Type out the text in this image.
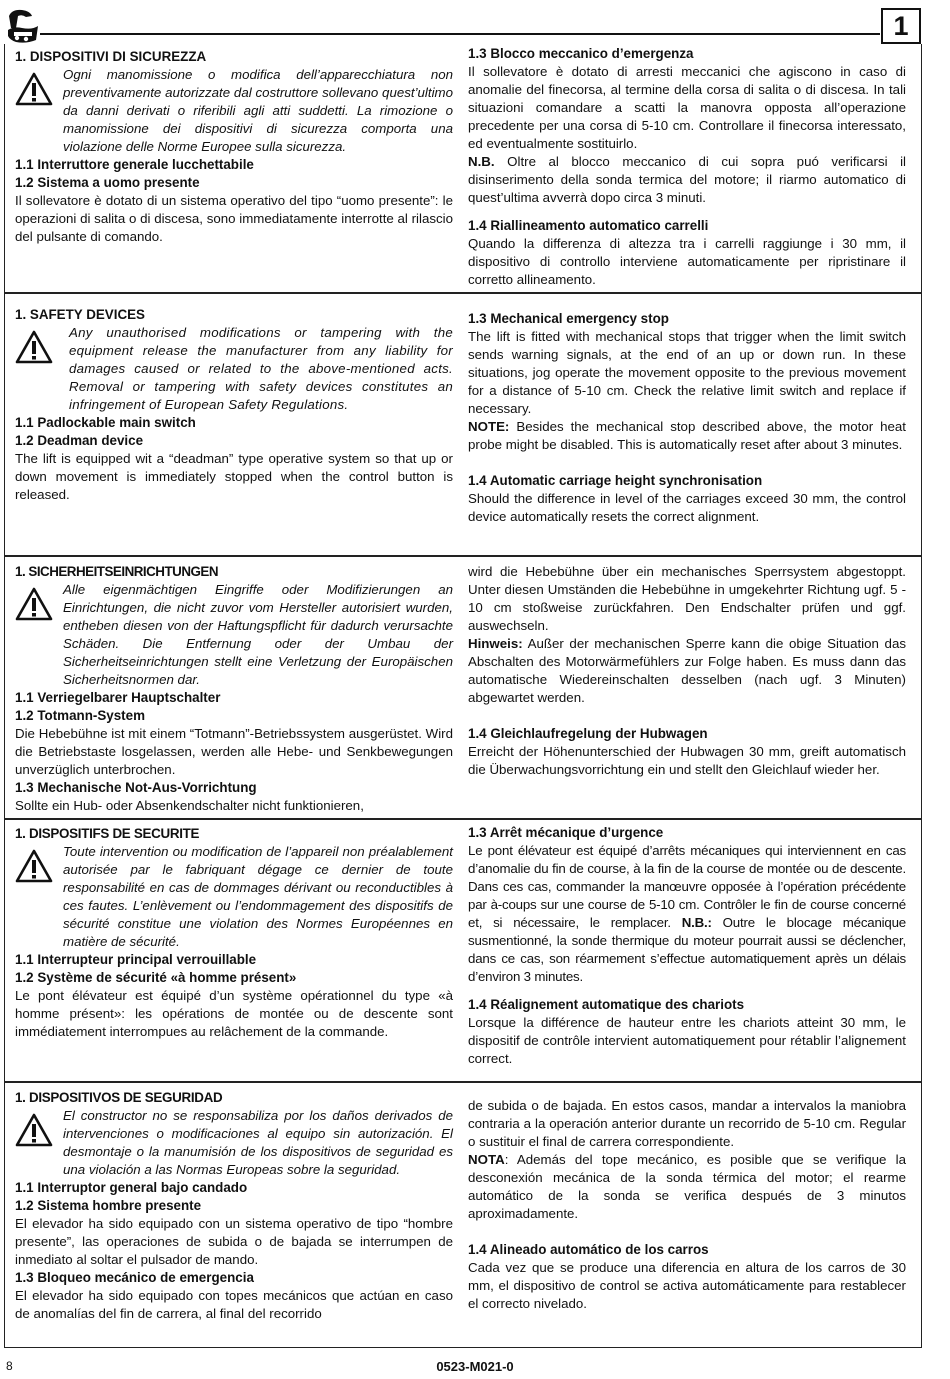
1
1. DISPOSITIVI DI SICUREZZA
Ogni manomissione o modifica dell’apparecchiatura non preventivamente autorizzate dal costruttore sollevano quest’ultimo da danni derivati o riferibili agli atti suddetti. La rimozione o manomissione dei dispositivi di sicurezza comporta una violazione delle Norme Europee sulla sicurezza.
1.1 Interruttore generale lucchettabile
1.2 Sistema a uomo presente
Il sollevatore è dotato di un sistema operativo del tipo “uomo presente”: le operazioni di salita o di discesa, sono immediatamente interrotte al rilascio del pulsante di comando.
1.3 Blocco meccanico d’emergenza
Il sollevatore è dotato di arresti meccanici che agiscono in caso di anomalie del finecorsa, al termine della corsa di salita o di discesa. In tali situazioni comandare a scatti la manovra opposta all’operazione precedente per una corsa di 5-10 cm. Controllare il finecorsa interessato, ed eventualmente sostituirlo.
N.B. Oltre al blocco meccanico di cui sopra puó verificarsi il disinserimento della sonda termica del motore; il riarmo automatico di quest’ultima avverrà dopo circa 3 minuti.
1.4 Riallineamento automatico carrelli
Quando la differenza di altezza tra i carrelli raggiunge i 30 mm, il dispositivo di controllo interviene automaticamente per ripristinare il corretto allineamento.
1. SAFETY DEVICES
Any unauthorised modifications or tampering with the equipment release the manufacturer from any liability for damages caused or related to the above-mentioned acts. Removal or tampering with safety devices constitutes an infringement of European Safety Regulations.
1.1 Padlockable main switch
1.2 Deadman device
The lift is equipped wit a “deadman” type operative system so that up or down movement is immediately stopped when the control button is released.
1.3 Mechanical emergency stop
The lift is fitted with mechanical stops that trigger when the limit switch sends warning signals, at the end of an up or down run. In these situations, jog operate the movement opposite to the previous movement for a distance of 5-10 cm. Check the relative limit switch and replace if necessary.
NOTE: Besides the mechanical stop described above, the motor heat probe might be disabled. This is automatically reset after about 3 minutes.
1.4 Automatic carriage height synchronisation
Should the difference in level of the carriages exceed 30 mm, the control device automatically resets the correct alignment.
1. SICHERHEITSEINRICHTUNGEN
Alle eigenmächtigen Eingriffe oder Modifizierungen an Einrichtungen, die nicht zuvor vom Hersteller autorisiert wurden, entheben diesen von der Haftungspflicht für dadurch verursachte Schäden. Die Entfernung oder der Umbau der Sicherheitseinrichtungen stellt eine Verletzung der Europäischen Sicherheitsnormen dar.
1.1 Verriegelbarer Hauptschalter
1.2 Totmann-System
Die Hebebühne ist mit einem “Totmann”-Betriebssystem ausgerüstet. Wird die Betriebstaste losgelassen, werden alle Hebe- und Senkbewegungen unverzüglich unterbrochen.
1.3 Mechanische Not-Aus-Vorrichtung
Sollte ein Hub- oder Absenkendschalter nicht funktionieren,
wird die Hebebühne über ein mechanisches Sperrsystem abgestoppt. Unter diesen Umständen die Hebebühne in umgekehrter Richtung ugf. 5 - 10 cm stoßweise zurückfahren. Den Endschalter prüfen und ggf. auswechseln.
Hinweis: Außer der mechanischen Sperre kann die obige Situation das Abschalten des Motorwärmefühlers zur Folge haben. Es muss dann das automatische Wiedereinschalten desselben (nach ugf. 3 Minuten) abgewartet werden.
1.4 Gleichlaufregelung der Hubwagen
Erreicht der Höhenunterschied der Hubwagen 30 mm, greift automatisch die Überwachungsvorrichtung ein und stellt den Gleichlauf wieder her.
1. DISPOSITIFS DE SECURITE
Toute intervention ou modification de l’appareil non préalablement autorisée par le fabriquant dégage ce dernier de toute responsabilité en cas de dommages dérivant ou reconductibles à ces fautes. L’enlèvement ou l’endommagement des dispositifs de sécurité constitue une violation des Normes Européennes en matière de sécurité.
1.1 Interrupteur principal verrouillable
1.2 Système de sécurité «à homme présent»
Le pont élévateur est équipé d’un système opérationnel du type «à homme présent»: les opérations de montée ou de descente sont immédiatement interrompues au relâchement de la commande.
1.3 Arrêt mécanique d’urgence
Le pont élévateur est équipé d’arrêts mécaniques qui interviennent en cas d’anomalie du fin de course, à la fin de la course de montée ou de descente. Dans ces cas, commander la manœuvre opposée à l’opération précédente par à-coups sur une course de 5-10 cm. Contrôler le fin de course concerné et, si nécessaire, le remplacer. N.B.: Outre le blocage mécanique susmentionné, la sonde thermique du moteur pourrait aussi se déclencher, dans ce cas, son réarmement s’effectue automatiquement après un délais d’environ 3 minutes.
1.4 Réalignement automatique des chariots
Lorsque la différence de hauteur entre les chariots atteint 30 mm, le dispositif de contrôle intervient automatiquement pour rétablir l’alignement correct.
1. DISPOSITIVOS DE SEGURIDAD
El constructor no se responsabiliza por los daños derivados de intervenciones o modificaciones al equipo sin autorización. El desmontaje o la manumisión de los dispositivos de seguridad es una violación a las Normas Europeas sobre la seguridad.
1.1 Interruptor general bajo candado
1.2 Sistema hombre presente
El elevador ha sido equipado con un sistema operativo de tipo “hombre presente”, las operaciones de subida o de bajada se interrumpen de inmediato al soltar el pulsador de mando.
1.3 Bloqueo mecánico de emergencia
El elevador ha sido equipado con topes mecánicos que actúan en caso de anomalías del fin de carrera, al final del recorrido
de subida o de bajada. En estos casos, mandar a intervalos la maniobra contraria a la operación anterior durante un recorrido de 5-10 cm. Regular o sustituir el final de carrera correspondiente.
NOTA: Además del tope mecánico, es posible que se verifique la desconexión mecánica de la sonda térmica del motor; el rearme automático de la sonda se verifica después de 3 minutos aproximadamente.
1.4 Alineado automático de los carros
Cada vez que se produce una diferencia en altura de los carros de 30 mm, el dispositivo de control se activa automáticamente para restablecer el correcto nivelado.
8	0523-M021-0
